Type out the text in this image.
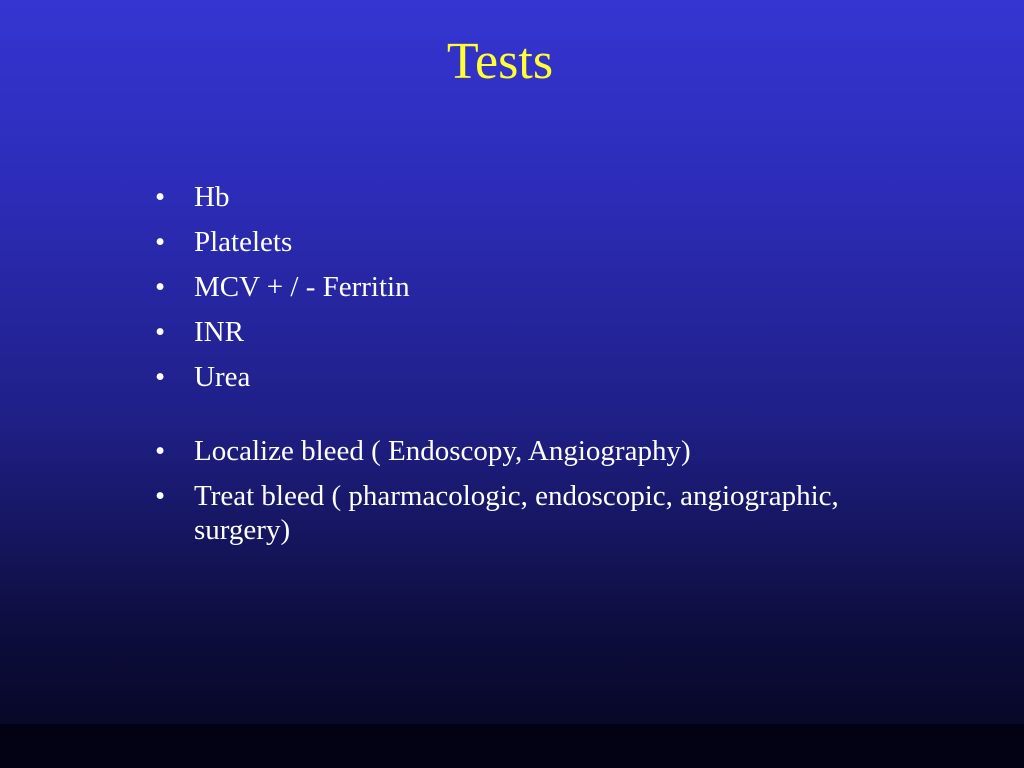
Tests
• Hb
• Platelets
• MCV + / - Ferritin
• INR
• Urea
• Localize bleed ( Endoscopy, Angiography)
• Treat bleed ( pharmacologic, endoscopic, angiographic, surgery)
